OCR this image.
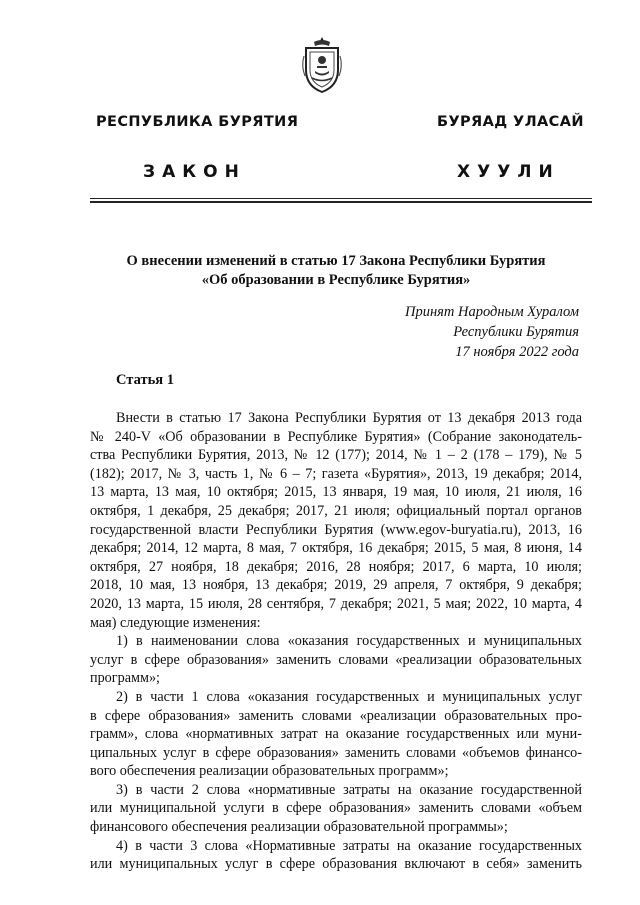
РЕСПУБЛИКА БУРЯТИЯ	БУРЯАД УЛАСАЙ
ЗАКОН	ХУУЛИ
О внесении изменений в статью 17 Закона Республики Бурятия
«Об образовании в Республике Бурятия»
Принят Народным Хуралом
Республики Бурятия
17 ноября 2022 года
Статья 1
Внести в статью 17 Закона Республики Бурятия от 13 декабря 2013 года
№ 240-V «Об образовании в Республике Бурятия» (Собрание законодатель-
ства Республики Бурятия, 2013, № 12 (177); 2014, № 1 – 2 (178 – 179), № 5
(182); 2017, № 3, часть 1, № 6 – 7; газета «Бурятия», 2013, 19 декабря; 2014,
13 марта, 13 мая, 10 октября; 2015, 13 января, 19 мая, 10 июля, 21 июля, 16
октября, 1 декабря, 25 декабря; 2017, 21 июля; официальный портал органов
государственной власти Республики Бурятия (www.egov-buryatia.ru), 2013, 16
декабря; 2014, 12 марта, 8 мая, 7 октября, 16 декабря; 2015, 5 мая, 8 июня, 14
октября, 27 ноября, 18 декабря; 2016, 28 ноября; 2017, 6 марта, 10 июля;
2018, 10 мая, 13 ноября, 13 декабря; 2019, 29 апреля, 7 октября, 9 декабря;
2020, 13 марта, 15 июля, 28 сентября, 7 декабря; 2021, 5 мая; 2022, 10 марта, 4
мая) следующие изменения:
1) в наименовании слова «оказания государственных и муниципальных
услуг в сфере образования» заменить словами «реализации образовательных
программ»;
2) в части 1 слова «оказания государственных и муниципальных услуг
в сфере образования» заменить словами «реализации образовательных про-
грамм», слова «нормативных затрат на оказание государственных или муни-
ципальных услуг в сфере образования» заменить словами «объемов финансо-
вого обеспечения реализации образовательных программ»;
3) в части 2 слова «нормативные затраты на оказание государственной
или муниципальной услуги в сфере образования» заменить словами «объем
финансового обеспечения реализации образовательной программы»;
4) в части 3 слова «Нормативные затраты на оказание государственных
или муниципальных услуг в сфере образования включают в себя» заменить
